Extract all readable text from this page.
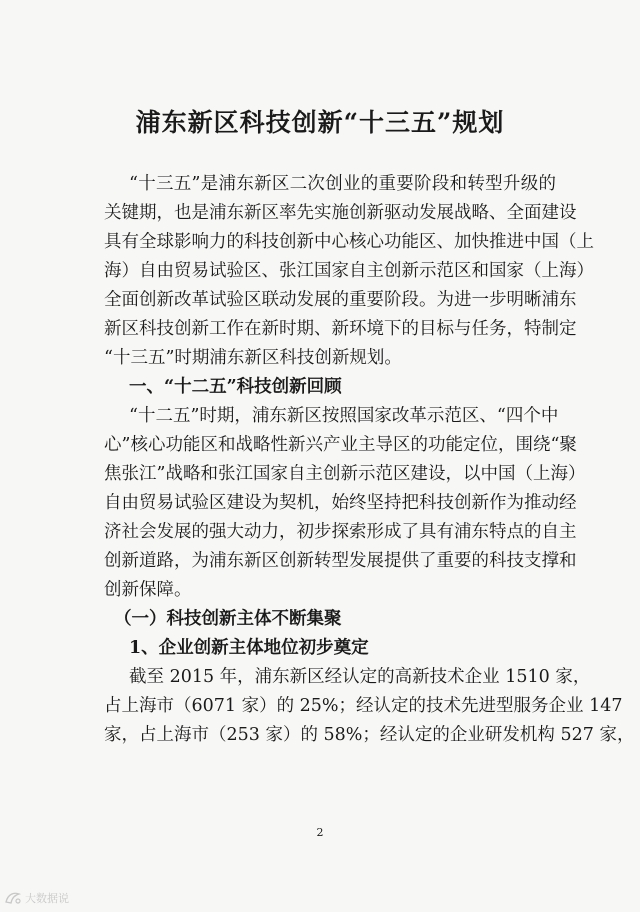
浦东新区科技创新“十三五”规划
“十三五”是浦东新区二次创业的重要阶段和转型升级的
关键期，也是浦东新区率先实施创新驱动发展战略、全面建设
具有全球影响力的科技创新中心核心功能区、加快推进中国（上
海）自由贸易试验区、张江国家自主创新示范区和国家（上海）
全面创新改革试验区联动发展的重要阶段。为进一步明晰浦东
新区科技创新工作在新时期、新环境下的目标与任务，特制定
“十三五”时期浦东新区科技创新规划。
一、“十二五”科技创新回顾
“十二五”时期，浦东新区按照国家改革示范区、“四个中
心”核心功能区和战略性新兴产业主导区的功能定位，围绕“聚
焦张江”战略和张江国家自主创新示范区建设，以中国（上海）
自由贸易试验区建设为契机，始终坚持把科技创新作为推动经
济社会发展的强大动力，初步探索形成了具有浦东特点的自主
创新道路，为浦东新区创新转型发展提供了重要的科技支撑和
创新保障。
（一）科技创新主体不断集聚
1、企业创新主体地位初步奠定
截至 2015 年，浦东新区经认定的高新技术企业 1510 家，
占上海市（6071 家）的 25%；经认定的技术先进型服务企业 147
家，占上海市（253 家）的 58%；经认定的企业研发机构 527 家，
2
大数据说
